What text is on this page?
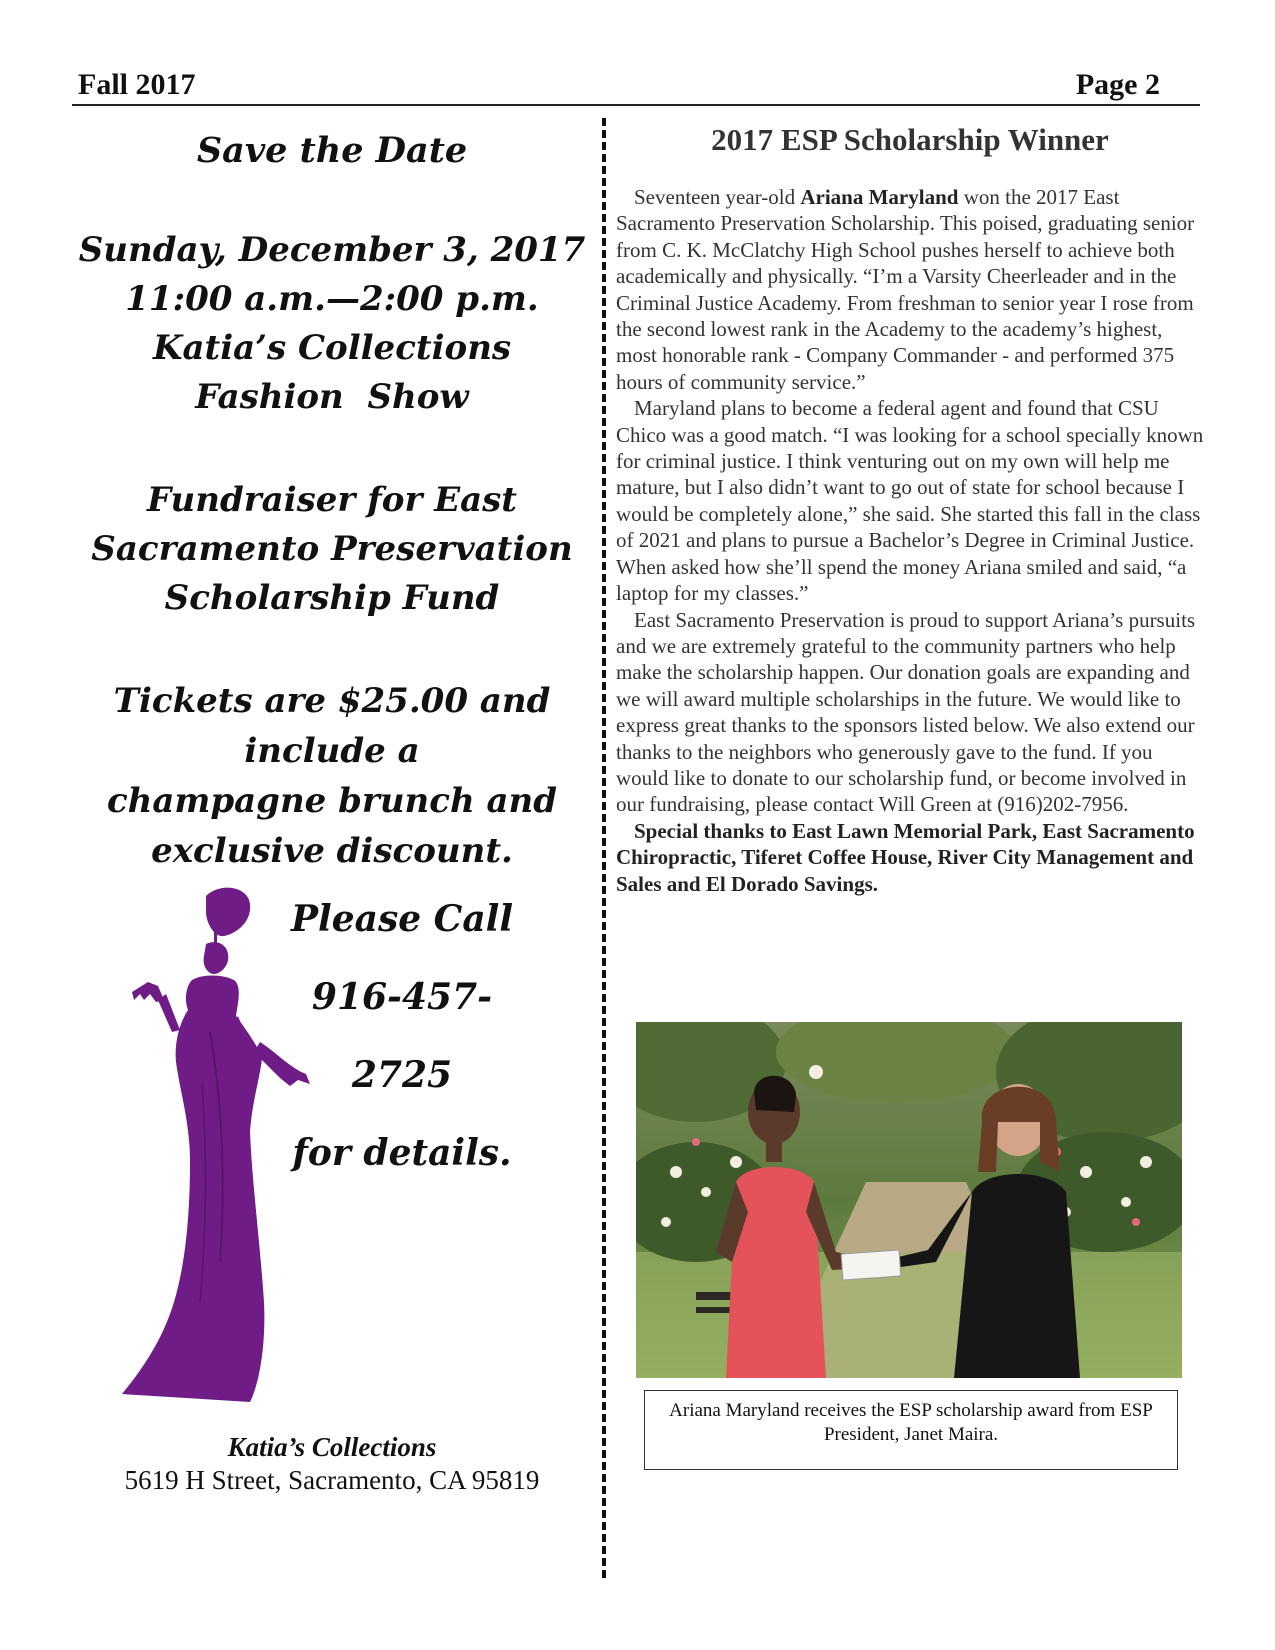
Fall 2017	Page 2
Save the Date
Sunday, December 3, 2017
11:00 a.m.—2:00 p.m.
Katia’s Collections
Fashion  Show
Fundraiser for East
Sacramento Preservation
Scholarship Fund
Tickets are $25.00 and
include a
champagne brunch and
exclusive discount.
Please Call
916-457-2725
for details.
Katia’s Collections
5619 H Street, Sacramento, CA 95819
2017 ESP Scholarship Winner

Seventeen year-old Ariana Maryland won the 2017 East Sacramento Preservation Scholarship. This poised, graduating senior from C. K. McClatchy High School pushes herself to achieve both academically and physically. “I’m a Varsity Cheerleader and in the Criminal Justice Academy. From freshman to senior year I rose from the second lowest rank in the Academy to the academy’s highest, most honorable rank - Company Commander - and performed 375 hours of community service.”

Maryland plans to become a federal agent and found that CSU Chico was a good match. “I was looking for a school specially known for criminal justice. I think venturing out on my own will help me mature, but I also didn’t want to go out of state for school because I would be completely alone,” she said. She started this fall in the class of 2021 and plans to pursue a Bachelor’s Degree in Criminal Justice. When asked how she’ll spend the money Ariana smiled and said, “a laptop for my classes.”

East Sacramento Preservation is proud to support Ariana’s pursuits and we are extremely grateful to the community partners who help make the scholarship happen. Our donation goals are expanding and we will award multiple scholarships in the future. We would like to express great thanks to the sponsors listed below. We also extend our thanks to the neighbors who generously gave to the fund. If you would like to donate to our scholarship fund, or become involved in our fundraising, please contact Will Green at (916)202-7956.

Special thanks to East Lawn Memorial Park, East Sacramento Chiropractic, Tiferet Coffee House, River City Management and Sales and El Dorado Savings.

Ariana Maryland receives the ESP scholarship award from ESP President, Janet Maira.
